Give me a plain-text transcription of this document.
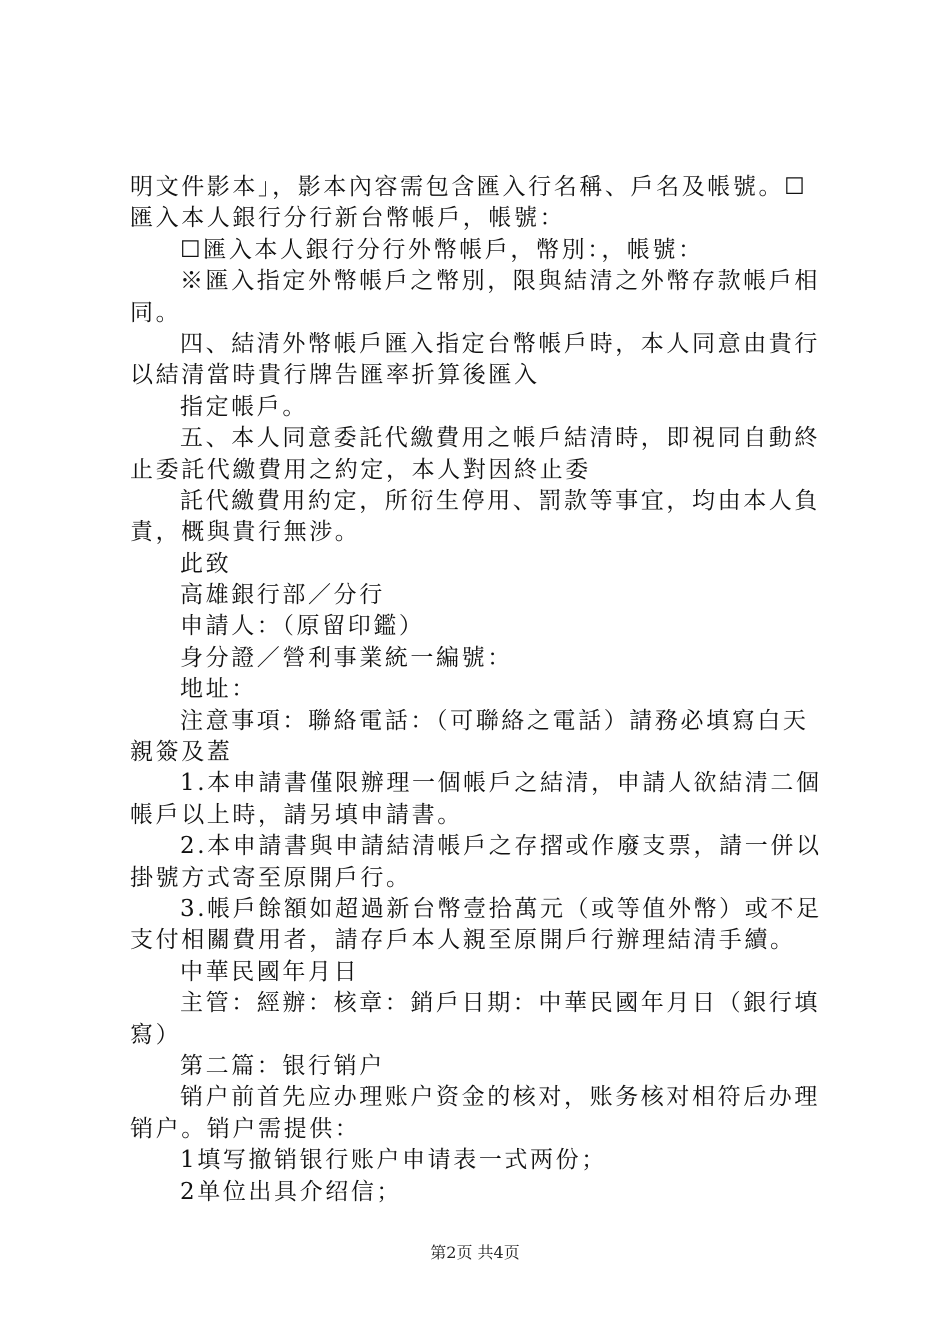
明文件影本」，影本內容需包含匯入行名稱、戶名及帳號。☐
匯入本人銀行分行新台幣帳戶，帳號：
☐匯入本人銀行分行外幣帳戶，幣別：，帳號：
※匯入指定外幣帳戶之幣別，限與結清之外幣存款帳戶相
同。
四、結清外幣帳戶匯入指定台幣帳戶時，本人同意由貴行
以結清當時貴行牌告匯率折算後匯入
指定帳戶。
五、本人同意委託代繳費用之帳戶結清時，即視同自動終
止委託代繳費用之約定，本人對因終止委
託代繳費用約定，所衍生停用、罰款等事宜，均由本人負
責，概與貴行無涉。
此致
高雄銀行部／分行
申請人：（原留印鑑）
身分證／營利事業統一編號：
地址：
注意事項：聯絡電話：（可聯絡之電話）請務必填寫白天
親簽及蓋
1.本申請書僅限辦理一個帳戶之結清，申請人欲結清二個
帳戶以上時，請另填申請書。
2.本申請書與申請結清帳戶之存摺或作廢支票，請一併以
掛號方式寄至原開戶行。
3.帳戶餘額如超過新台幣壹拾萬元（或等值外幣）或不足
支付相關費用者，請存戶本人親至原開戶行辦理結清手續。
中華民國年月日
主管：經辦：核章：銷戶日期：中華民國年月日（銀行填
寫）
第二篇：银行销户
销户前首先应办理账户资金的核对，账务核对相符后办理
销户。销户需提供：
1填写撤销银行账户申请表一式两份；
2单位出具介绍信；
第2页 共4页
